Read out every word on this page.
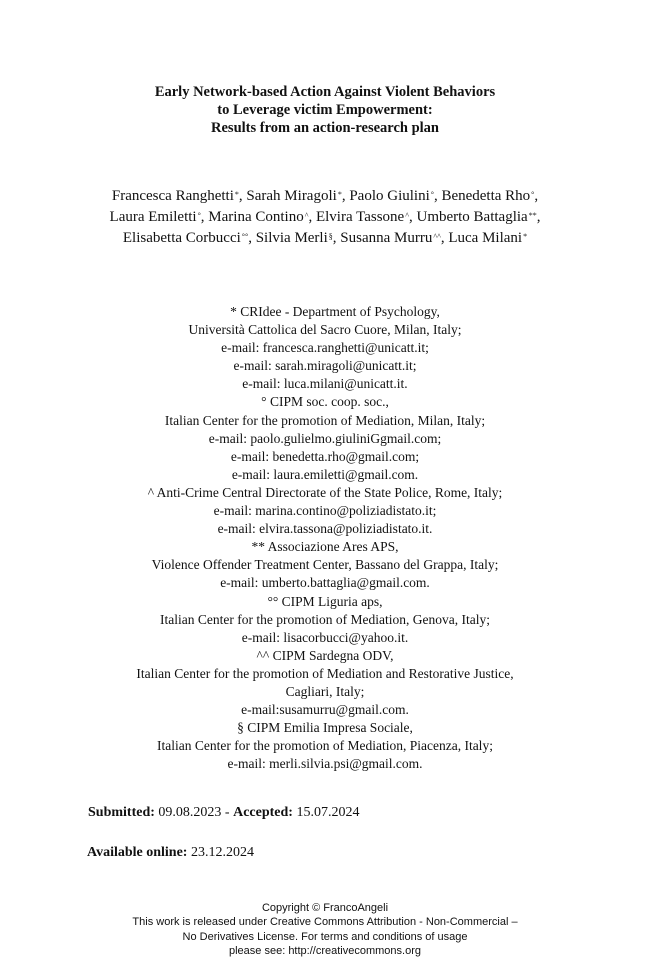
Early Network-based Action Against Violent Behaviors
to Leverage victim Empowerment:
Results from an action-research plan
Francesca Ranghetti*, Sarah Miragoli*, Paolo Giulini°, Benedetta Rho°,
Laura Emiletti°, Marina Contino^, Elvira Tassone^, Umberto Battaglia**,
Elisabetta Corbucci°°, Silvia Merli§, Susanna Murru^^, Luca Milani*
* CRIdee - Department of Psychology,
Università Cattolica del Sacro Cuore, Milan, Italy;
e-mail: francesca.ranghetti@unicatt.it;
e-mail: sarah.miragoli@unicatt.it;
e-mail: luca.milani@unicatt.it.
° CIPM soc. coop. soc.,
Italian Center for the promotion of Mediation, Milan, Italy;
e-mail: paolo.gulielmo.giuliniGgmail.com;
e-mail: benedetta.rho@gmail.com;
e-mail: laura.emiletti@gmail.com.
^ Anti-Crime Central Directorate of the State Police, Rome, Italy;
e-mail: marina.contino@poliziadistato.it;
e-mail: elvira.tassona@poliziadistato.it.
** Associazione Ares APS,
Violence Offender Treatment Center, Bassano del Grappa, Italy;
e-mail: umberto.battaglia@gmail.com.
°° CIPM Liguria aps,
Italian Center for the promotion of Mediation, Genova, Italy;
e-mail: lisacorbucci@yahoo.it.
^^ CIPM Sardegna ODV,
Italian Center for the promotion of Mediation and Restorative Justice,
Cagliari, Italy;
e-mail:susamurru@gmail.com.
§ CIPM Emilia Impresa Sociale,
Italian Center for the promotion of Mediation, Piacenza, Italy;
e-mail: merli.silvia.psi@gmail.com.
Submitted: 09.08.2023 - Accepted: 15.07.2024
Available online: 23.12.2024
Copyright © FrancoAngeli
This work is released under Creative Commons Attribution - Non-Commercial –
No Derivatives License. For terms and conditions of usage
please see: http://creativecommons.org
